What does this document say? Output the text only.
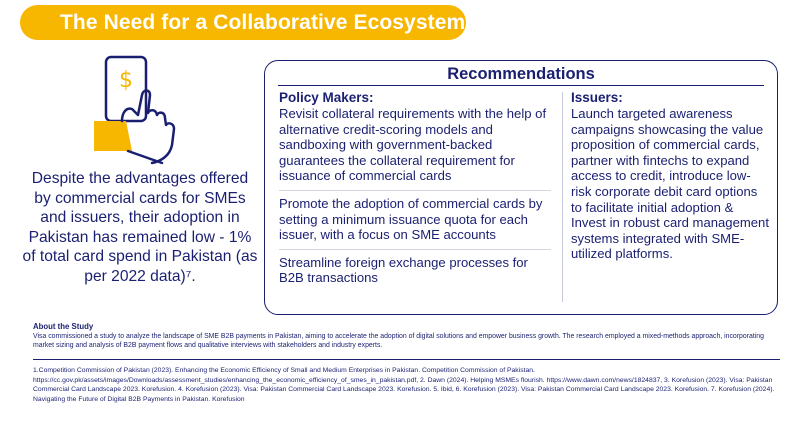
The Need for a Collaborative Ecosystem
$
Despite the advantages offered by commercial cards for SMEs and issuers, their adoption in Pakistan has remained low - 1% of total card spend in Pakistan (as per 2022 data)⁷.
Recommendations
Policy Makers:
Revisit collateral requirements with the help of alternative credit-scoring models and sandboxing with government-backed guarantees the collateral requirement for issuance of commercial cards
Promote the adoption of commercial cards by setting a minimum issuance quota for each issuer, with a focus on SME accounts
Streamline foreign exchange processes for B2B transactions
Issuers:
Launch targeted awareness campaigns showcasing the value proposition of commercial cards, partner with fintechs to expand access to credit, introduce low-risk corporate debit card options to facilitate initial adoption & Invest in robust card management systems integrated with SME-utilized platforms.
About the Study
Visa commissioned a study to analyze the landscape of SME B2B payments in Pakistan, aiming to accelerate the adoption of digital solutions and empower business growth. The research employed a mixed-methods approach, incorporating market sizing and analysis of B2B payment flows and qualitative interviews with stakeholders and industry experts.
1.Competition Commission of Pakistan (2023). Enhancing the Economic Efficiency of Small and Medium Enterprises in Pakistan. Competition Commission of Pakistan. https://cc.gov.pk/assets/images/Downloads/assessment_studies/enhancing_the_economic_efficiency_of_smes_in_pakistan.pdf, 2. Dawn (2024). Helping MSMEs flourish. https://www.dawn.com/news/1824837, 3. Korefusion (2023). Visa: Pakistan Commercial Card Landscape 2023. Korefusion. 4. Korefusion (2023). Visa: Pakistan Commercial Card Landscape 2023. Korefusion. 5. Ibid, 6. Korefusion (2023). Visa: Pakistan Commercial Card Landscape 2023. Korefusion. 7. Korefusion (2024). Navigating the Future of Digital B2B Payments in Pakistan. Korefusion
